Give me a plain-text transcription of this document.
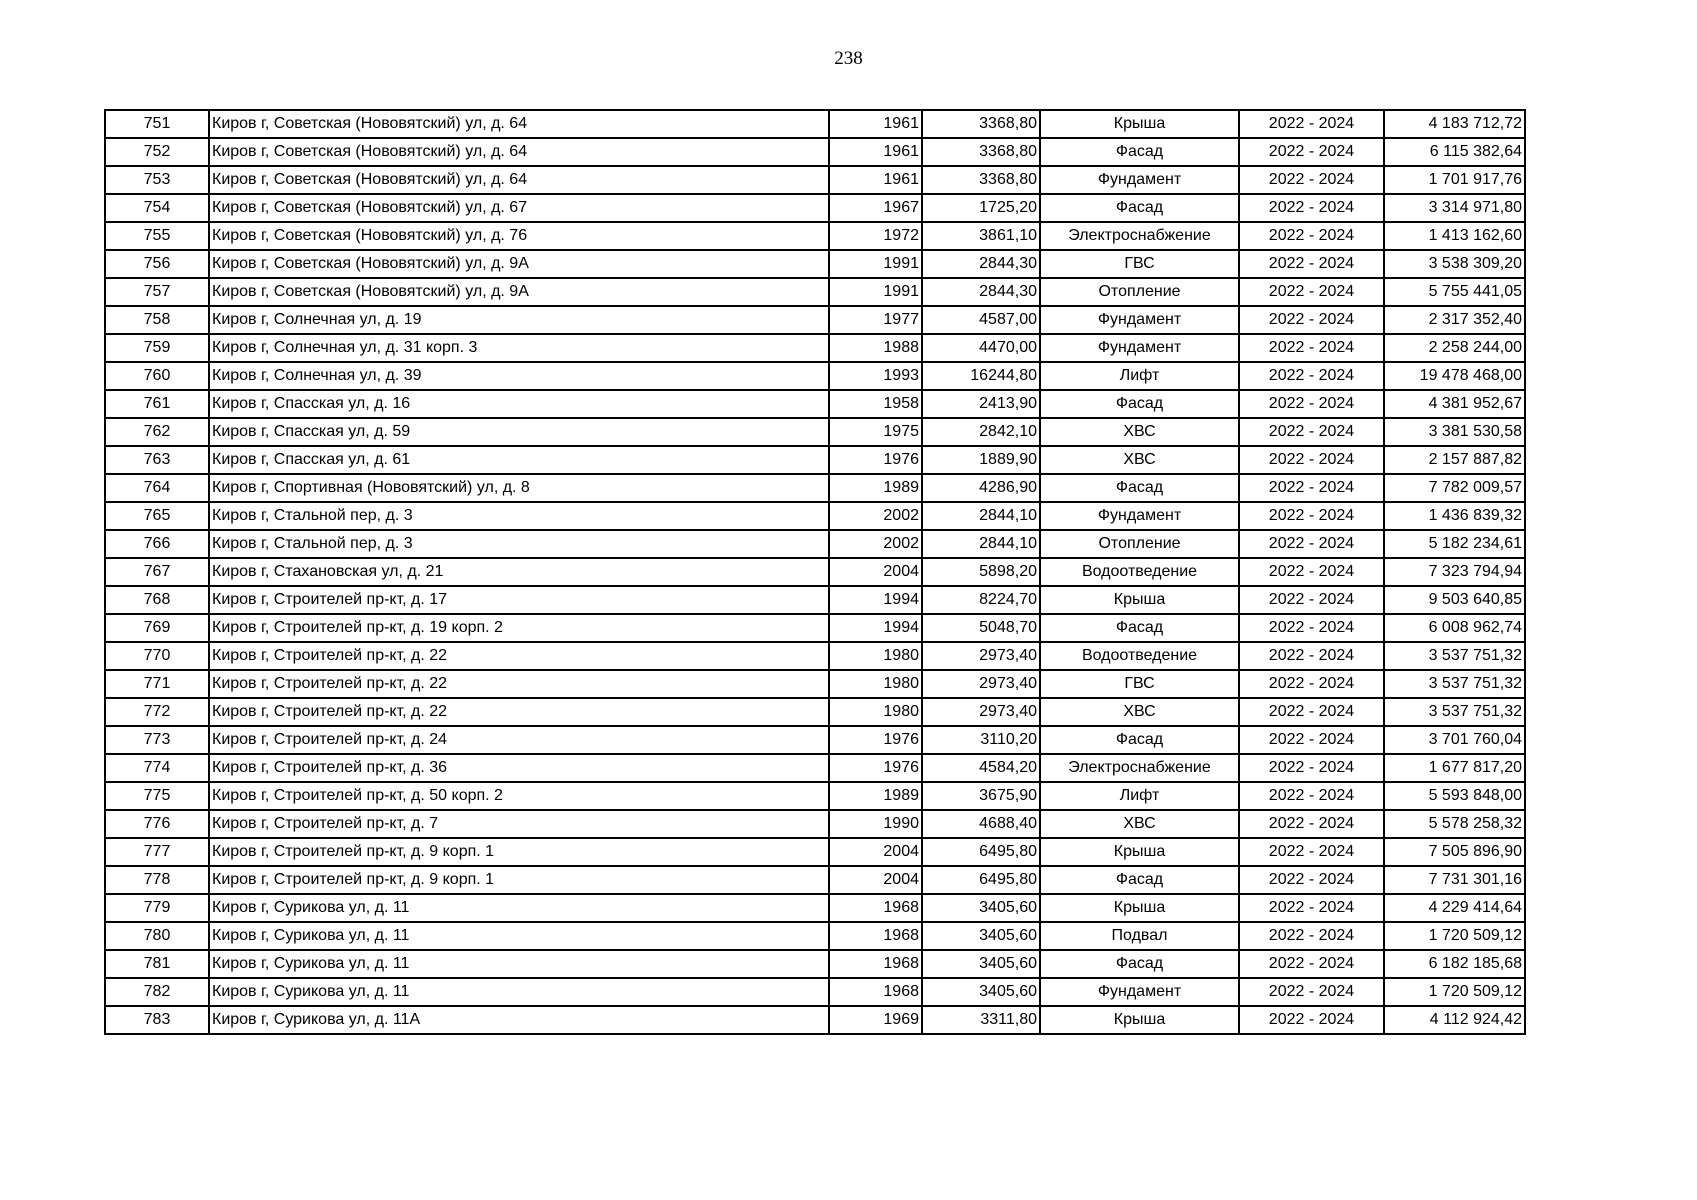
238
751	Киров г, Советская (Нововятский) ул, д. 64	1961	3368,80	Крыша	2022 - 2024	4 183 712,72
752	Киров г, Советская (Нововятский) ул, д. 64	1961	3368,80	Фасад	2022 - 2024	6 115 382,64
753	Киров г, Советская (Нововятский) ул, д. 64	1961	3368,80	Фундамент	2022 - 2024	1 701 917,76
754	Киров г, Советская (Нововятский) ул, д. 67	1967	1725,20	Фасад	2022 - 2024	3 314 971,80
755	Киров г, Советская (Нововятский) ул, д. 76	1972	3861,10	Электроснабжение	2022 - 2024	1 413 162,60
756	Киров г, Советская (Нововятский) ул, д. 9А	1991	2844,30	ГВС	2022 - 2024	3 538 309,20
757	Киров г, Советская (Нововятский) ул, д. 9А	1991	2844,30	Отопление	2022 - 2024	5 755 441,05
758	Киров г, Солнечная ул, д. 19	1977	4587,00	Фундамент	2022 - 2024	2 317 352,40
759	Киров г, Солнечная ул, д. 31 корп. 3	1988	4470,00	Фундамент	2022 - 2024	2 258 244,00
760	Киров г, Солнечная ул, д. 39	1993	16244,80	Лифт	2022 - 2024	19 478 468,00
761	Киров г, Спасская ул, д. 16	1958	2413,90	Фасад	2022 - 2024	4 381 952,67
762	Киров г, Спасская ул, д. 59	1975	2842,10	ХВС	2022 - 2024	3 381 530,58
763	Киров г, Спасская ул, д. 61	1976	1889,90	ХВС	2022 - 2024	2 157 887,82
764	Киров г, Спортивная (Нововятский) ул, д. 8	1989	4286,90	Фасад	2022 - 2024	7 782 009,57
765	Киров г, Стальной пер, д. 3	2002	2844,10	Фундамент	2022 - 2024	1 436 839,32
766	Киров г, Стальной пер, д. 3	2002	2844,10	Отопление	2022 - 2024	5 182 234,61
767	Киров г, Стахановская ул, д. 21	2004	5898,20	Водоотведение	2022 - 2024	7 323 794,94
768	Киров г, Строителей пр-кт, д. 17	1994	8224,70	Крыша	2022 - 2024	9 503 640,85
769	Киров г, Строителей пр-кт, д. 19 корп. 2	1994	5048,70	Фасад	2022 - 2024	6 008 962,74
770	Киров г, Строителей пр-кт, д. 22	1980	2973,40	Водоотведение	2022 - 2024	3 537 751,32
771	Киров г, Строителей пр-кт, д. 22	1980	2973,40	ГВС	2022 - 2024	3 537 751,32
772	Киров г, Строителей пр-кт, д. 22	1980	2973,40	ХВС	2022 - 2024	3 537 751,32
773	Киров г, Строителей пр-кт, д. 24	1976	3110,20	Фасад	2022 - 2024	3 701 760,04
774	Киров г, Строителей пр-кт, д. 36	1976	4584,20	Электроснабжение	2022 - 2024	1 677 817,20
775	Киров г, Строителей пр-кт, д. 50 корп. 2	1989	3675,90	Лифт	2022 - 2024	5 593 848,00
776	Киров г, Строителей пр-кт, д. 7	1990	4688,40	ХВС	2022 - 2024	5 578 258,32
777	Киров г, Строителей пр-кт, д. 9 корп. 1	2004	6495,80	Крыша	2022 - 2024	7 505 896,90
778	Киров г, Строителей пр-кт, д. 9 корп. 1	2004	6495,80	Фасад	2022 - 2024	7 731 301,16
779	Киров г, Сурикова ул, д. 11	1968	3405,60	Крыша	2022 - 2024	4 229 414,64
780	Киров г, Сурикова ул, д. 11	1968	3405,60	Подвал	2022 - 2024	1 720 509,12
781	Киров г, Сурикова ул, д. 11	1968	3405,60	Фасад	2022 - 2024	6 182 185,68
782	Киров г, Сурикова ул, д. 11	1968	3405,60	Фундамент	2022 - 2024	1 720 509,12
783	Киров г, Сурикова ул, д. 11А	1969	3311,80	Крыша	2022 - 2024	4 112 924,42
